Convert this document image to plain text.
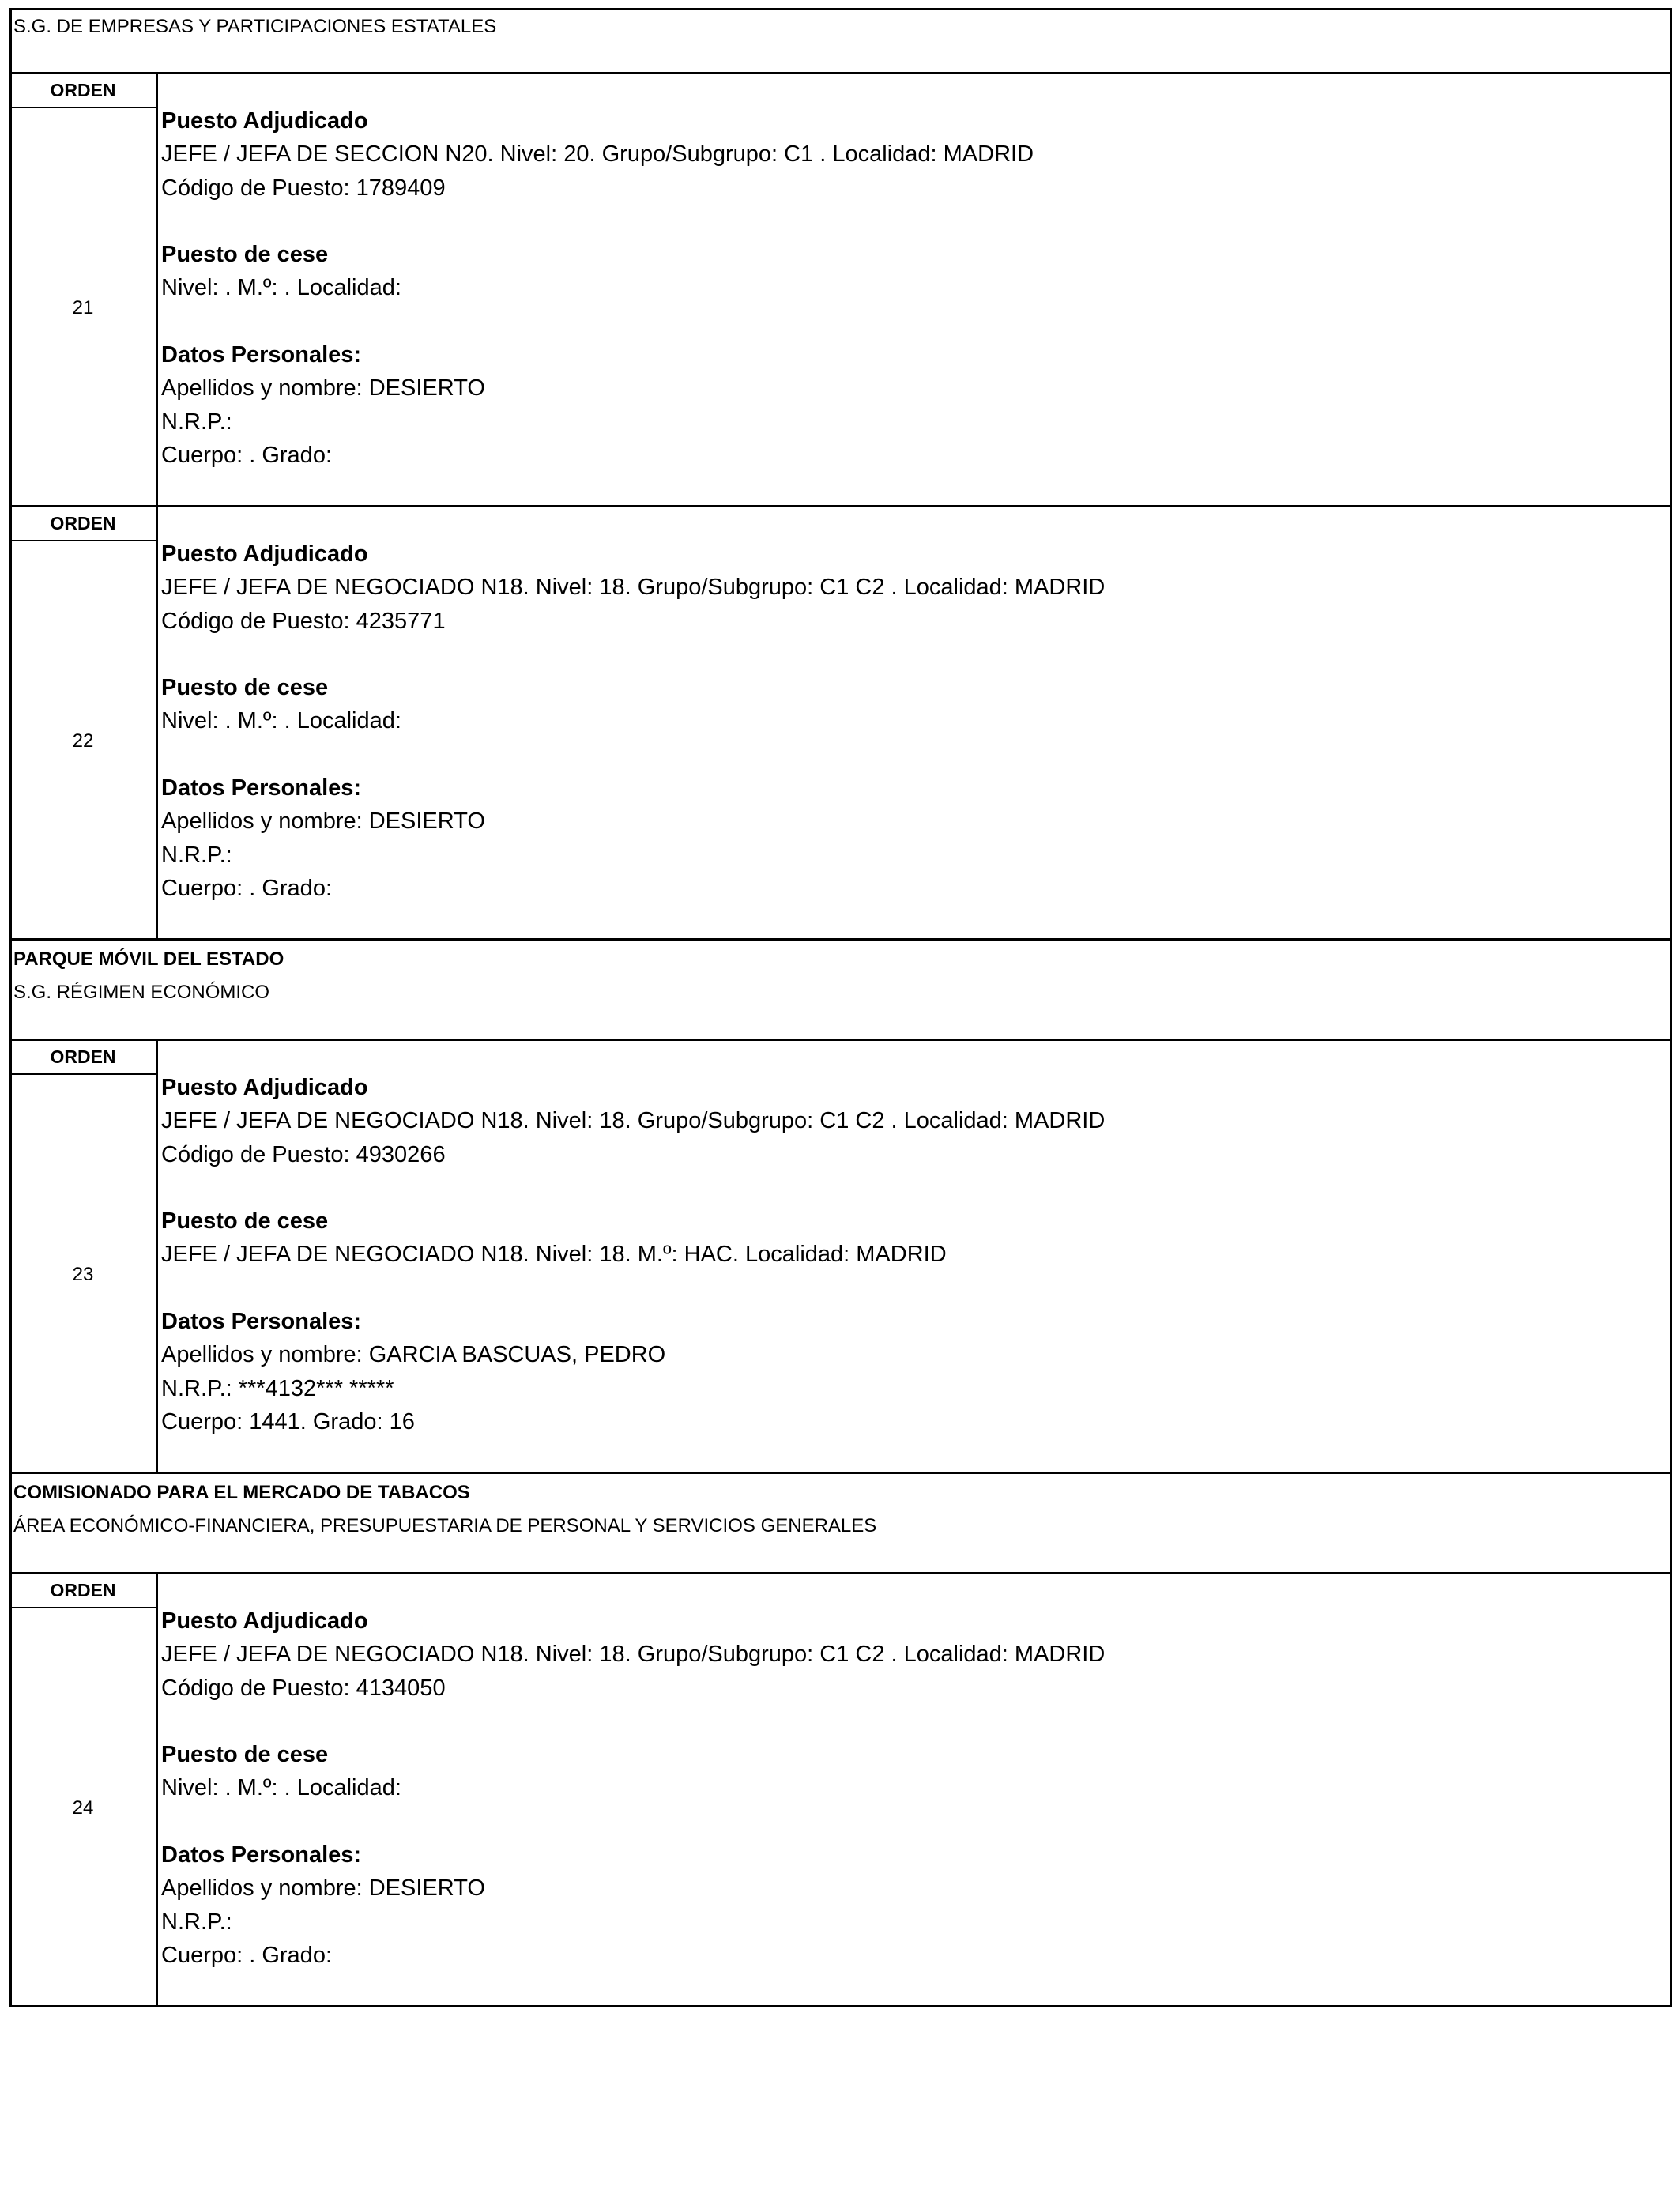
S.G. DE EMPRESAS Y PARTICIPACIONES ESTATALES
ORDEN
21
Puesto Adjudicado
JEFE / JEFA DE SECCION N20. Nivel: 20. Grupo/Subgrupo: C1 . Localidad: MADRID
Código de Puesto: 1789409
Puesto de cese
Nivel: . M.º: . Localidad:
Datos Personales:
Apellidos y nombre: DESIERTO
N.R.P.:
Cuerpo: . Grado:
ORDEN
22
Puesto Adjudicado
JEFE / JEFA DE NEGOCIADO N18. Nivel: 18. Grupo/Subgrupo: C1 C2 . Localidad: MADRID
Código de Puesto: 4235771
Puesto de cese
Nivel: . M.º: . Localidad:
Datos Personales:
Apellidos y nombre: DESIERTO
N.R.P.:
Cuerpo: . Grado:
PARQUE MÓVIL DEL ESTADO
S.G. RÉGIMEN ECONÓMICO
ORDEN
23
Puesto Adjudicado
JEFE / JEFA DE NEGOCIADO N18. Nivel: 18. Grupo/Subgrupo: C1 C2 . Localidad: MADRID
Código de Puesto: 4930266
Puesto de cese
JEFE / JEFA DE NEGOCIADO N18. Nivel: 18. M.º: HAC. Localidad: MADRID
Datos Personales:
Apellidos y nombre: GARCIA BASCUAS, PEDRO
N.R.P.: ***4132*** *****
Cuerpo: 1441. Grado: 16
COMISIONADO PARA EL MERCADO DE TABACOS
ÁREA ECONÓMICO-FINANCIERA, PRESUPUESTARIA DE PERSONAL Y SERVICIOS GENERALES
ORDEN
24
Puesto Adjudicado
JEFE / JEFA DE NEGOCIADO N18. Nivel: 18. Grupo/Subgrupo: C1 C2 . Localidad: MADRID
Código de Puesto: 4134050
Puesto de cese
Nivel: . M.º: . Localidad:
Datos Personales:
Apellidos y nombre: DESIERTO
N.R.P.:
Cuerpo: . Grado:
